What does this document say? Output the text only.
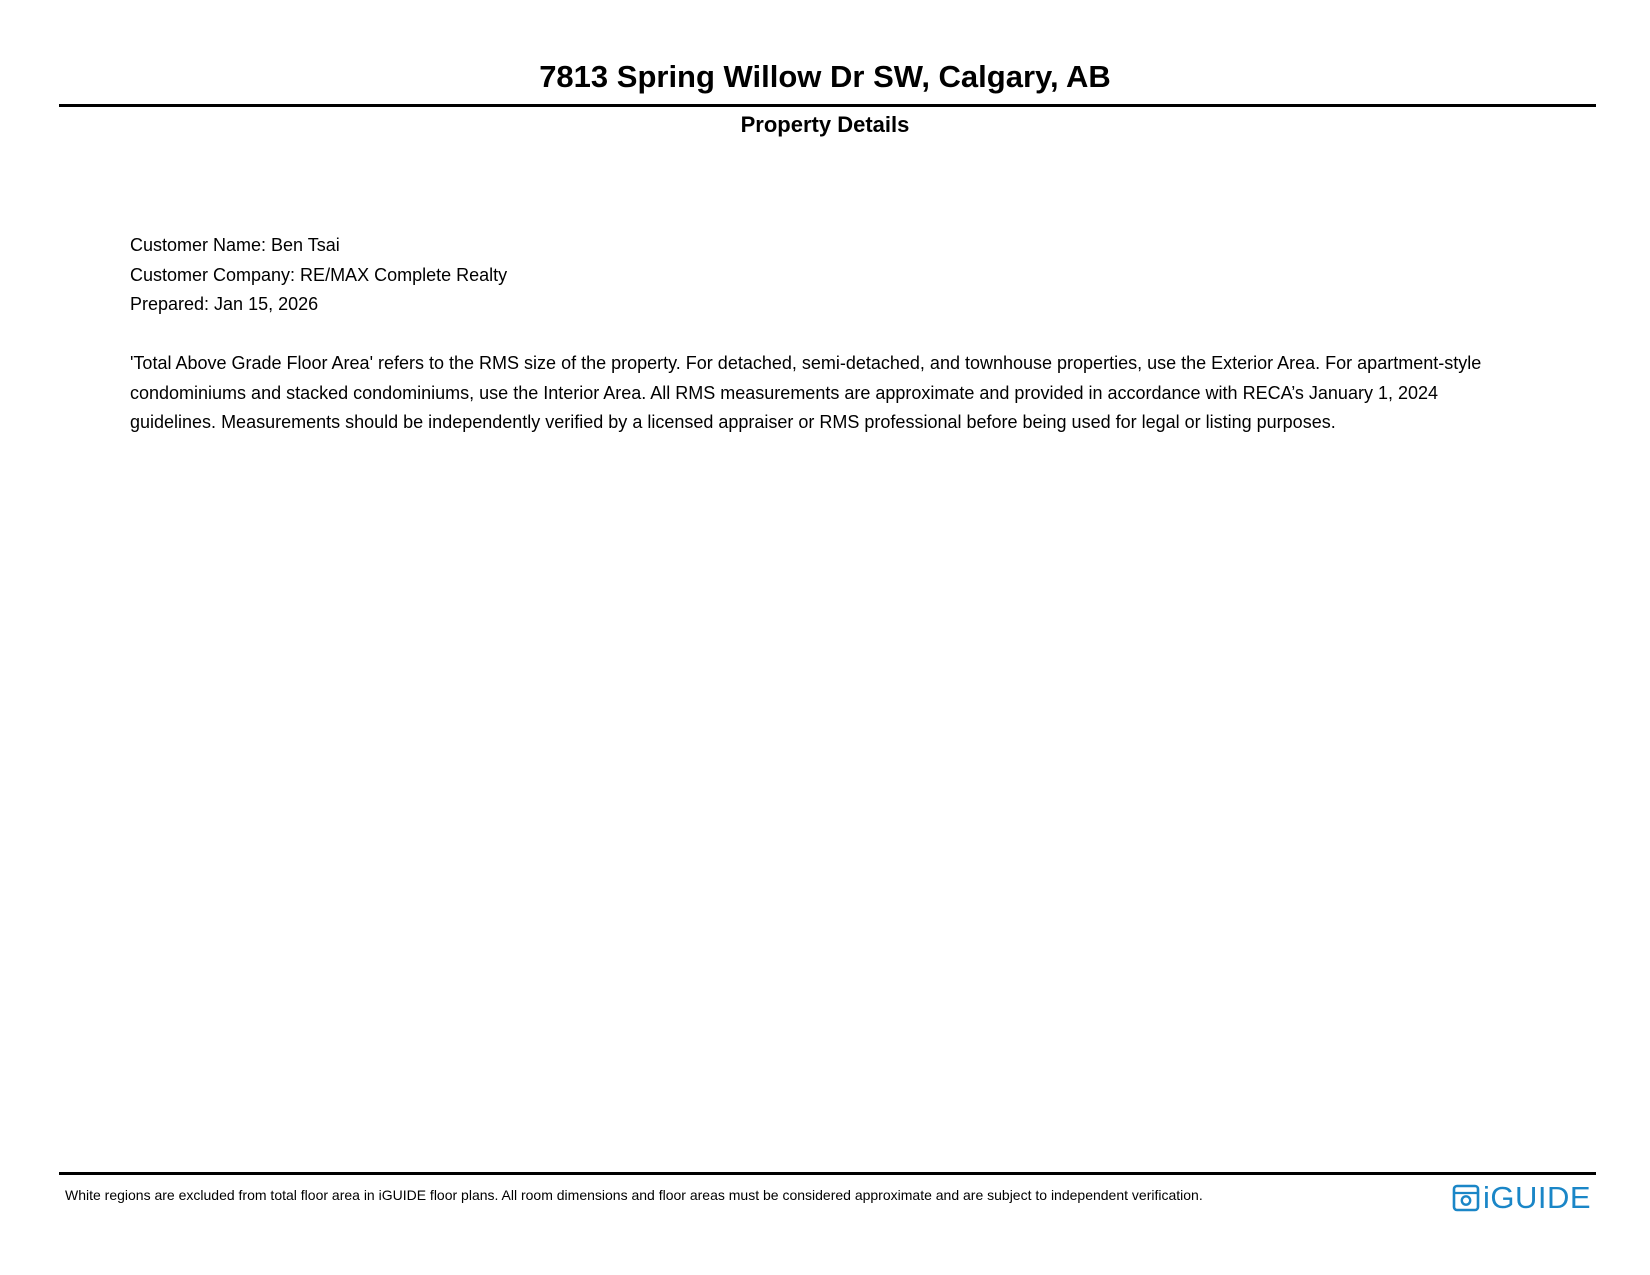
7813 Spring Willow Dr SW, Calgary, AB
Property Details
Customer Name: Ben Tsai
Customer Company: RE/MAX Complete Realty
Prepared: Jan 15, 2026
'Total Above Grade Floor Area' refers to the RMS size of the property. For detached, semi-detached, and townhouse properties, use the Exterior Area. For apartment-style condominiums and stacked condominiums, use the Interior Area. All RMS measurements are approximate and provided in accordance with RECA’s January 1, 2024 guidelines. Measurements should be independently verified by a licensed appraiser or RMS professional before being used for legal or listing purposes.
White regions are excluded from total floor area in iGUIDE floor plans. All room dimensions and floor areas must be considered approximate and are subject to independent verification.	iGUIDE
